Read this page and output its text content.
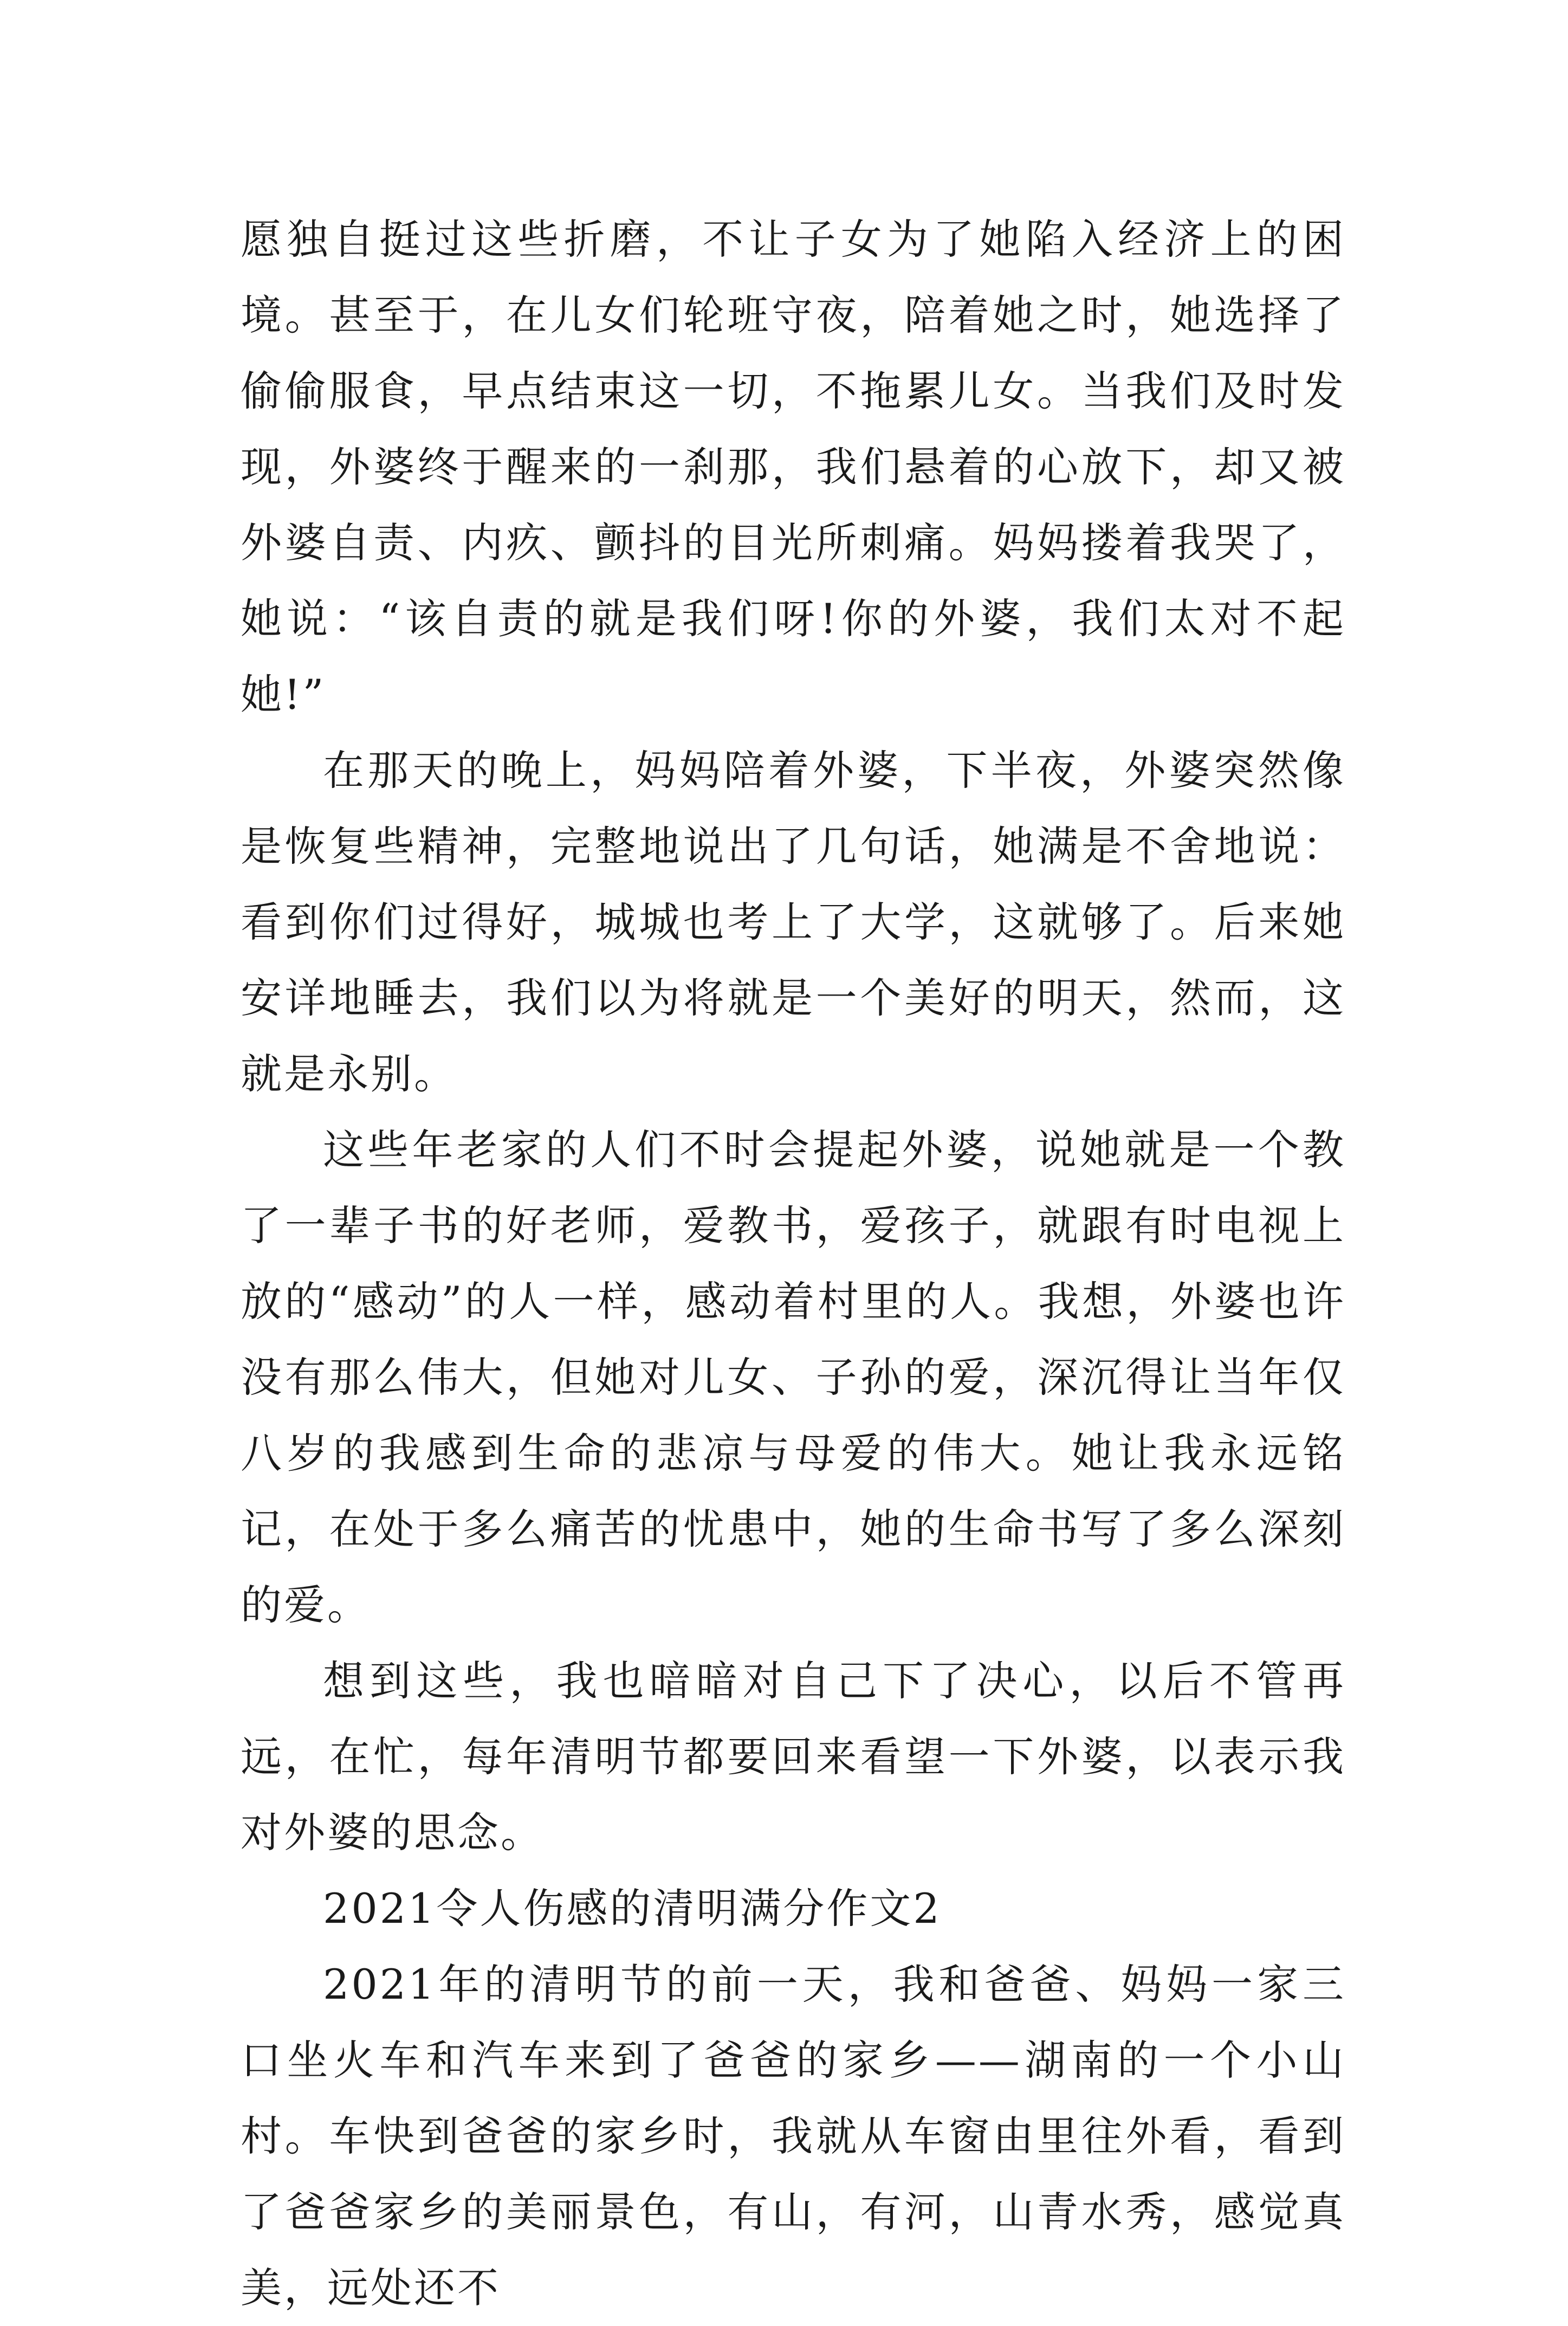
愿独自挺过这些折磨，不让子女为了她陷入经济上的困境。甚至于，在儿女们轮班守夜，陪着她之时，她选择了偷偷服食，早点结束这一切，不拖累儿女。当我们及时发现，外婆终于醒来的一刹那，我们悬着的心放下，却又被外婆自责、内疚、颤抖的目光所刺痛。妈妈搂着我哭了，她说：“该自责的就是我们呀!你的外婆，我们太对不起她!”

在那天的晚上，妈妈陪着外婆，下半夜，外婆突然像是恢复些精神，完整地说出了几句话，她满是不舍地说：看到你们过得好，城城也考上了大学，这就够了。后来她安详地睡去，我们以为将就是一个美好的明天，然而，这就是永别。

这些年老家的人们不时会提起外婆，说她就是一个教了一辈子书的好老师，爱教书，爱孩子，就跟有时电视上放的“感动”的人一样，感动着村里的人。我想，外婆也许没有那么伟大，但她对儿女、子孙的爱，深沉得让当年仅八岁的我感到生命的悲凉与母爱的伟大。她让我永远铭记，在处于多么痛苦的忧患中，她的生命书写了多么深刻的爱。

想到这些，我也暗暗对自己下了决心，以后不管再远，在忙，每年清明节都要回来看望一下外婆，以表示我对外婆的思念。

2021令人伤感的清明满分作文2

2021年的清明节的前一天，我和爸爸、妈妈一家三口坐火车和汽车来到了爸爸的家乡——湖南的一个小山村。车快到爸爸的家乡时，我就从车窗由里往外看，看到了爸爸家乡的美丽景色，有山，有河，山青水秀，感觉真美，远处还不
